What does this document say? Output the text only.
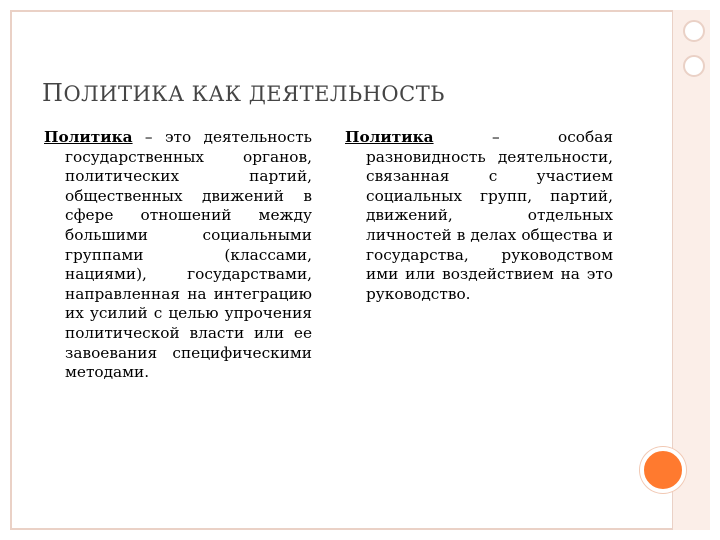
ПОЛИТИКА КАК ДЕЯТЕЛЬНОСТЬ

Политика – это деятельность государственных органов, политических партий, общественных движений в сфере отношений между большими социальными группами (классами, нациями), государствами, направленная на интеграцию их усилий с целью упрочения политической власти или ее завоевания специфическими методами.

Политика – особая разновидность деятельности, связанная с участием социальных групп, партий, движений, отдельных личностей в делах общества и государства, руководством ими или воздействием на это руководство.
